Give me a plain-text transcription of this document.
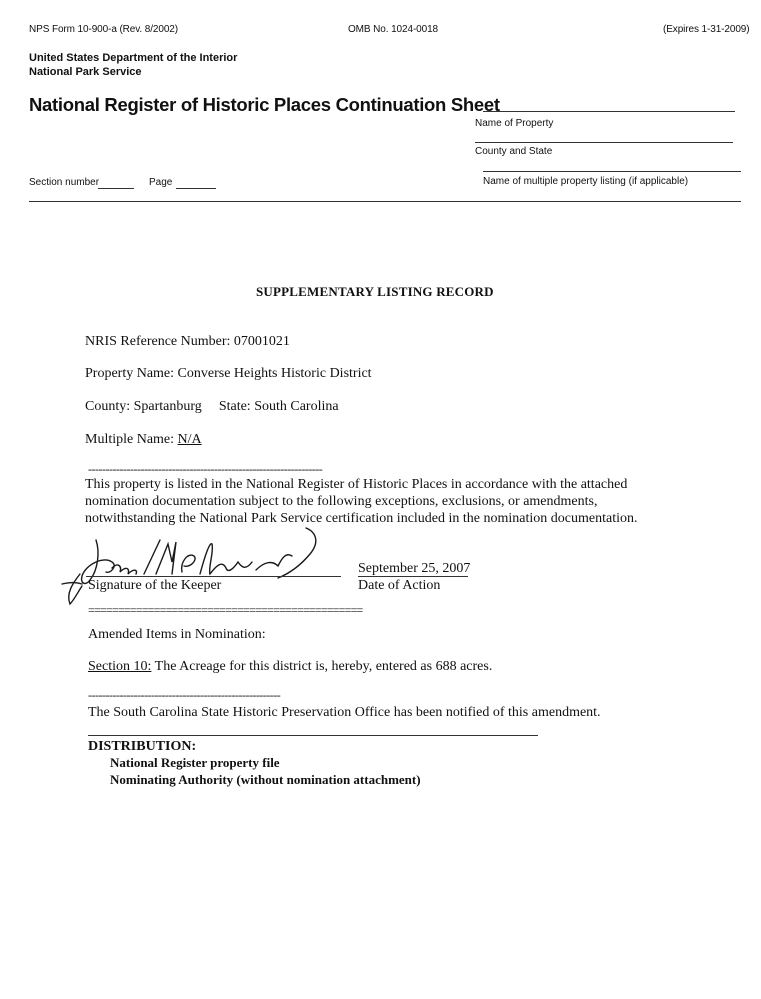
NPS Form 10-900-a (Rev. 8/2002)	OMB No. 1024-0018	(Expires 1-31-2009)
United States Department of the Interior
National Park Service
National Register of Historic Places Continuation Sheet
Name of Property
County and State
Name of multiple property listing (if applicable)
Section number	Page
SUPPLEMENTARY LISTING RECORD
NRIS Reference Number: 07001021
Property Name: Converse Heights Historic District
County: Spartanburg State: South Carolina
Multiple Name: N/A
-------------------------------------------------------------------
This property is listed in the National Register of Historic Places in accordance with the attached
nomination documentation subject to the following exceptions, exclusions, or amendments,
notwithstanding the National Park Service certification included in the nomination documentation.
Signature of the Keeper
September 25, 2007
Date of Action
==============================================
Amended Items in Nomination:
Section 10: The Acreage for this district is, hereby, entered as 688 acres.
-------------------------------------------------------
The South Carolina State Historic Preservation Office has been notified of this amendment.
DISTRIBUTION:
National Register property file
Nominating Authority (without nomination attachment)
